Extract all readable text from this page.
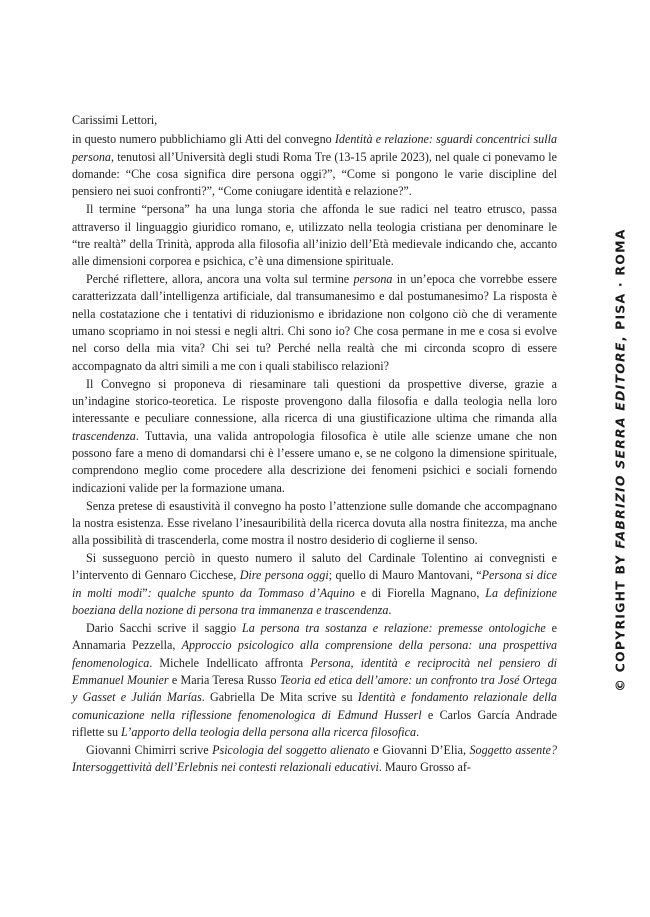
Carissimi Lettori,

in questo numero pubblichiamo gli Atti del convegno Identità e relazione: sguardi concentrici sulla persona, tenutosi all’Università degli studi Roma Tre (13-15 aprile 2023), nel quale ci ponevamo le domande: “Che cosa significa dire persona oggi?”, “Come si pongono le varie discipline del pensiero nei suoi confronti?”, “Come coniugare identità e relazione?”.

Il termine “persona” ha una lunga storia che affonda le sue radici nel teatro etrusco, passa attraverso il linguaggio giuridico romano, e, utilizzato nella teologia cristiana per denominare le “tre realtà” della Trinità, approda alla filosofia all’inizio dell’Età medievale indicando che, accanto alle dimensioni corporea e psichica, c’è una dimensione spirituale.

Perché riflettere, allora, ancora una volta sul termine persona in un’epoca che vorrebbe essere caratterizzata dall’intelligenza artificiale, dal transumanesimo e dal postumanesimo? La risposta è nella costatazione che i tentativi di riduzionismo e ibridazione non colgono ciò che di veramente umano scopriamo in noi stessi e negli altri. Chi sono io? Che cosa permane in me e cosa si evolve nel corso della mia vita? Chi sei tu? Perché nella realtà che mi circonda scopro di essere accompagnato da altri simili a me con i quali stabilisco relazioni?

Il Convegno si proponeva di riesaminare tali questioni da prospettive diverse, grazie a un’indagine storico-teoretica. Le risposte provengono dalla filosofia e dalla teologia nella loro interessante e peculiare connessione, alla ricerca di una giustificazione ultima che rimanda alla trascendenza. Tuttavia, una valida antropologia filosofica è utile alle scienze umane che non possono fare a meno di domandarsi chi è l’essere umano e, se ne colgono la dimensione spirituale, comprendono meglio come procedere alla descrizione dei fenomeni psichici e sociali fornendo indicazioni valide per la formazione umana.

Senza pretese di esaustività il convegno ha posto l’attenzione sulle domande che accompagnano la nostra esistenza. Esse rivelano l’inesauribilità della ricerca dovuta alla nostra finitezza, ma anche alla possibilità di trascenderla, come mostra il nostro desiderio di coglierne il senso.

Si susseguono perciò in questo numero il saluto del Cardinale Tolentino ai convegnisti e l’intervento di Gennaro Cicchese, Dire persona oggi; quello di Mauro Mantovani, “Persona si dice in molti modi”: qualche spunto da Tommaso d’Aquino e di Fiorella Magnano, La definizione boeziana della nozione di persona tra immanenza e trascendenza.

Dario Sacchi scrive il saggio La persona tra sostanza e relazione: premesse ontologiche e Annamaria Pezzella, Approccio psicologico alla comprensione della persona: una prospettiva fenomenologica. Michele Indellicato affronta Persona, identità e reciprocità nel pensiero di Emmanuel Mounier e Maria Teresa Russo Teoria ed etica dell’amore: un confronto tra José Ortega y Gasset e Julián Marías. Gabriella De Mita scrive su Identità e fondamento relazionale della comunicazione nella riflessione fenomenologica di Edmund Husserl e Carlos García Andrade riflette su L’apporto della teologia della persona alla ricerca filosofica.

Giovanni Chimirri scrive Psicologia del soggetto alienato e Giovanni D’Elia, Soggetto assente? Intersoggettività dell’Erlebnis nei contesti relazionali educativi. Mauro Grosso af-

© COPYRIGHT BY FABRIZIO SERRA EDITORE, PISA · ROMA
